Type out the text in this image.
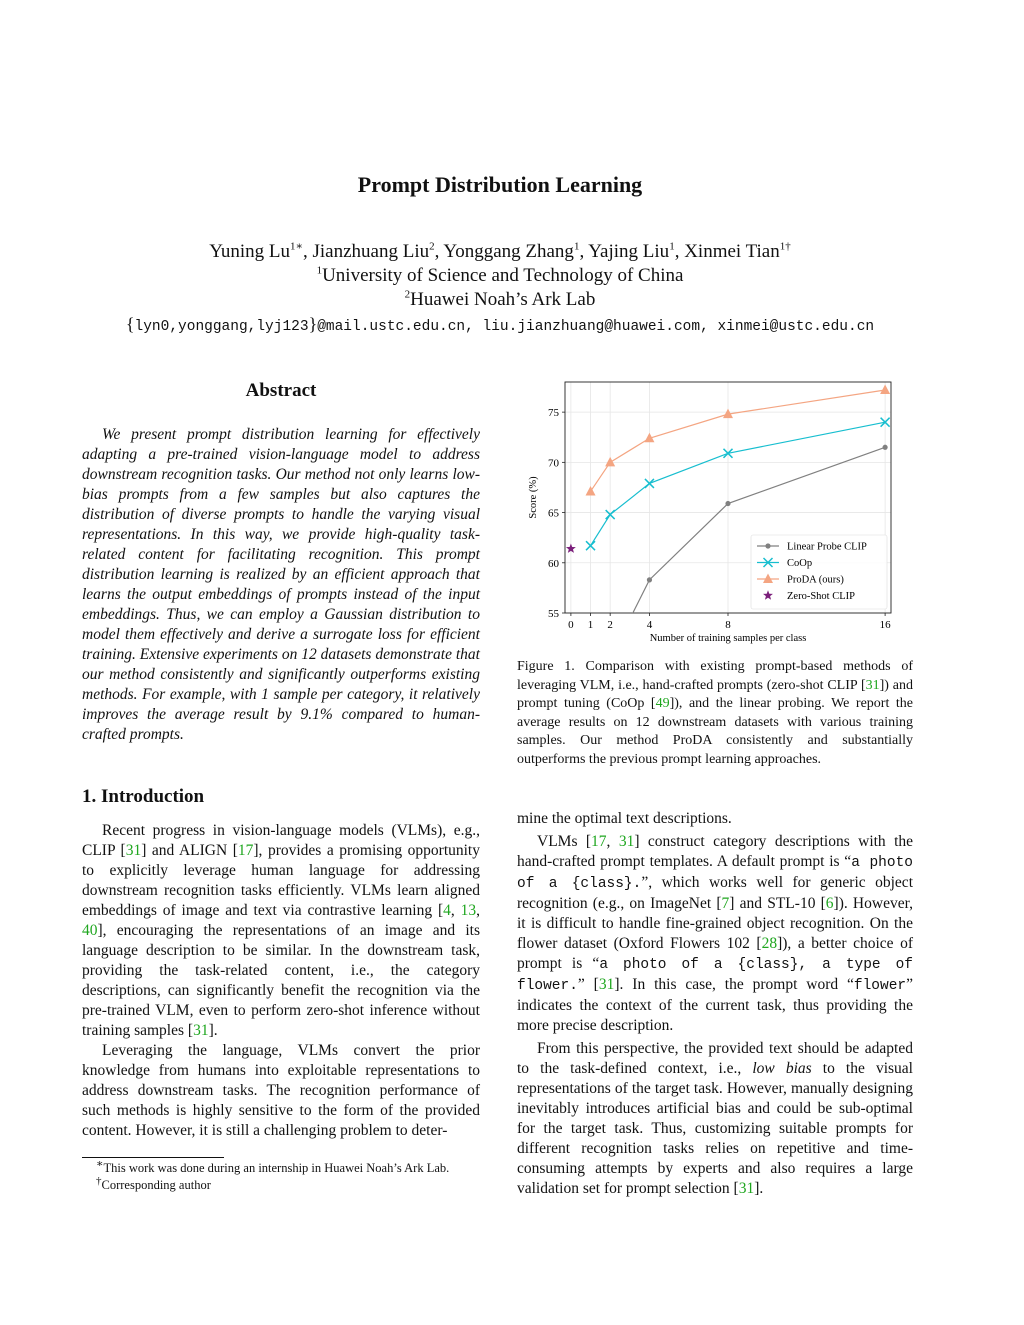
Prompt Distribution Learning
Yuning $Lu^{1∗}$, Jianzhuang Liu$^2$, Yonggang Zhang$^1$, Yajing Liu$^1$, Xinmei Tian$^{1\dagger}$
$^1$University of Science and Technology of China
$^2$Huawei Noah’s Ark Lab
{lyn0,yonggang,lyj123}@mail.ustc.edu.cn, liu.jianzhuang@huawei.com, xinmei@ustc.edu.cn
Abstract
We present prompt distribution learning for effectively adapting a pre-trained vision-language model to address downstream recognition tasks. Our method not only learns low-bias prompts from a few samples but also captures the distribution of diverse prompts to handle the varying visual representations. In this way, we provide high-quality task-related content for facilitating recognition. This prompt distribution learning is realized by an efficient approach that learns the output embeddings of prompts instead of the input embeddings. Thus, we can employ a Gaussian distribution to model them effectively and derive a surrogate loss for efficient training. Extensive experiments on 12 datasets demonstrate that our method consistently and significantly outperforms existing methods. For example, with 1 sample per category, it relatively improves the average result by 9.1% compared to human-crafted prompts.
1. Introduction

Recent progress in vision-language models (VLMs), e.g., CLIP [31] and ALIGN [17], provides a promising opportunity to explicitly leverage human language for addressing downstream recognition tasks efficiently. VLMs learn aligned embeddings of image and text via contrastive learning [4, 13, 40], encouraging the representations of an image and its language description to be similar. In the downstream task, providing the task-related content, i.e., the category descriptions, can significantly benefit the recognition via the pre-trained VLM, even to perform zero-shot inference without training samples [31].

Leveraging the language, VLMs convert the prior knowledge from humans into exploitable representations to address downstream tasks. The recognition performance of such methods is highly sensitive to the form of the provided content. However, it is still a challenging problem to deter-

∗This work was done during an internship in Huawei Noah’s Ark Lab.
†Corresponding author
0 1 2	4	8	16
55
60
65
70
75
Number of training samples per class
Score (%)
Linear Probe CLIP
CoOp
ProDA (ours)
Zero-Shot CLIP
Figure 1. Comparison with existing prompt-based methods of leveraging VLM, i.e., hand-crafted prompts (zero-shot CLIP [31]) and prompt tuning (CoOp [49]), and the linear probing. We report the average results on 12 downstream datasets with various training samples. Our method ProDA consistently and substantially outperforms the previous prompt learning approaches.

mine the optimal text descriptions.

VLMs [17, 31] construct category descriptions with the hand-crafted prompt templates. A default prompt is “a photo of a {class}.”, which works well for generic object recognition (e.g., on ImageNet [7] and STL-10 [6]). However, it is difficult to handle fine-grained object recognition. On the flower dataset (Oxford Flowers 102 [28]), a better choice of prompt is “a photo of a {class}, a type of flower.” [31]. In this case, the prompt word “flower” indicates the context of the current task, thus providing the more precise description.

From this perspective, the provided text should be adapted to the task-defined context, i.e., low bias to the visual representations of the target task. However, manually designing inevitably introduces artificial bias and could be sub-optimal for the target task. Thus, customizing suitable prompts for different recognition tasks relies on repetitive and time-consuming attempts by experts and also requires a large validation set for prompt selection [31].
